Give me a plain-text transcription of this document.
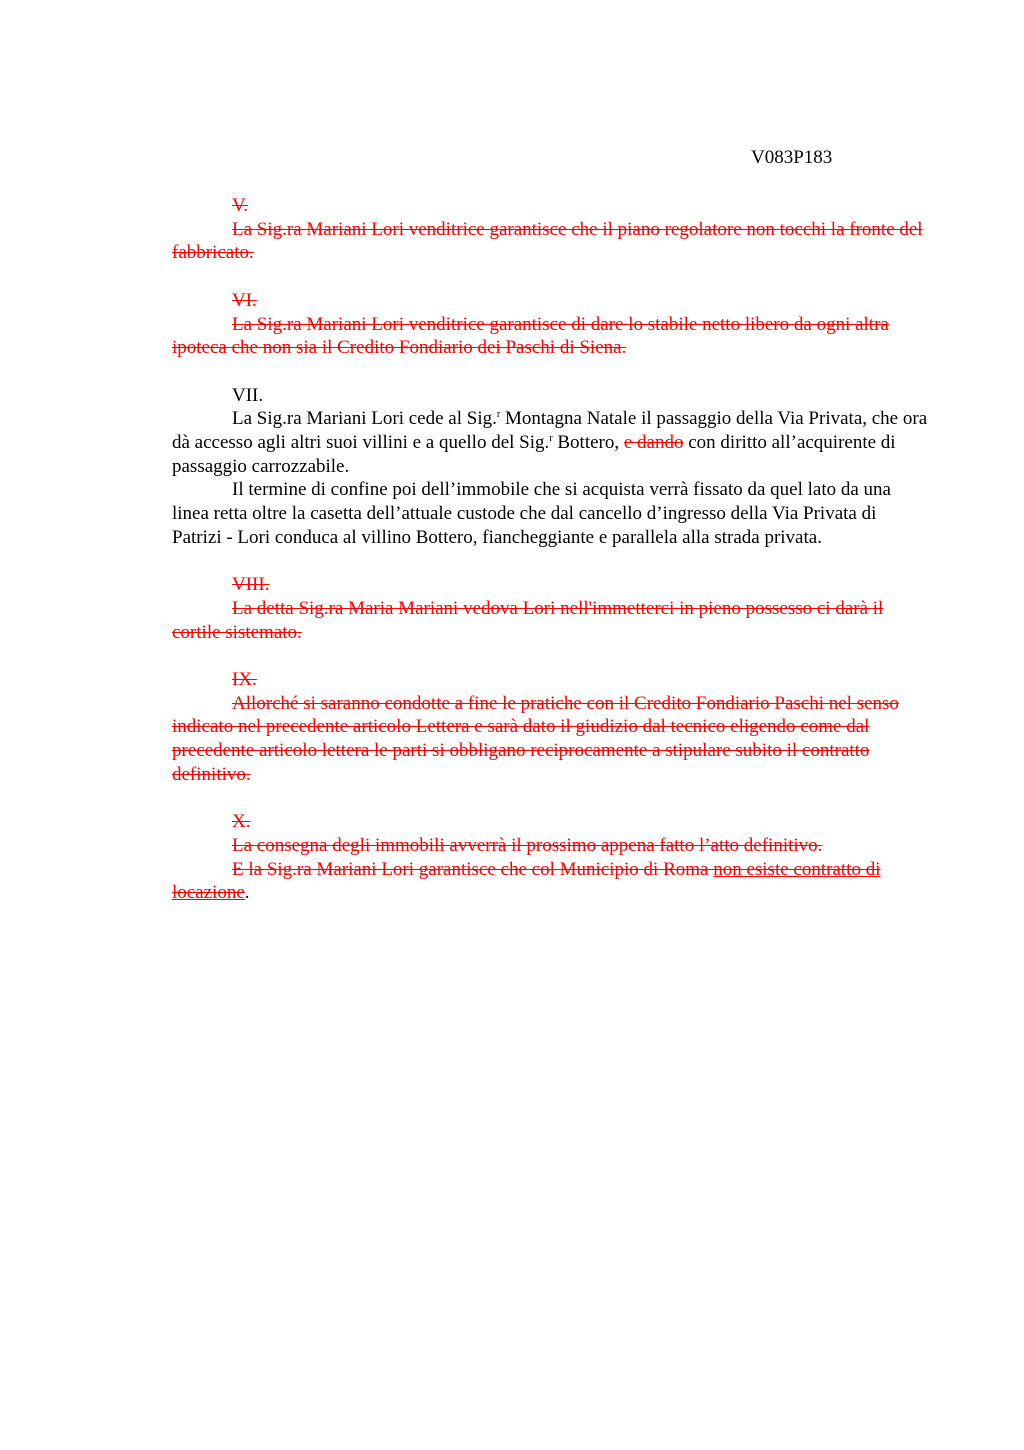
V083P183

V.

La Sig.ra Mariani Lori venditrice garantisce che il piano regolatore non tocchi la fronte del fabbricato.

VI.

La Sig.ra Mariani Lori venditrice garantisce di dare lo stabile netto libero da ogni altra ipoteca che non sia il Credito Fondiario dei Paschi di Siena.

VII.

La Sig.ra Mariani Lori cede al Sig.$^r$ Montagna Natale il passaggio della Via Privata, che ora dà accesso agli altri suoi villini e a quello del Sig.$^r$ Bottero, e dando con diritto all’acquirente di passaggio carrozzabile.

Il termine di confine poi dell’immobile che si acquista verrà fissato da quel lato da una linea retta oltre la casetta dell’attuale custode che dal cancello d’ingresso della Via Privata di Patrizi - Lori conduca al villino Bottero, fiancheggiante e parallela alla strada privata.

VIII.

La detta Sig.ra Maria Mariani vedova Lori nell'immetterci in pieno possesso ci darà il cortile sistemato.

IX.

Allorché si saranno condotte a fine le pratiche con il Credito Fondiario Paschi nel senso indicato nel precedente articolo Lettera e sarà dato il giudizio dal tecnico eligendo come dal precedente articolo lettera le parti si obbligano reciprocamente a stipulare subito il contratto definitivo.

X.

La consegna degli immobili avverrà il prossimo appena fatto l’atto definitivo.

E la Sig.ra Mariani Lori garantisce che col Municipio di Roma non esiste contratto di locazione.
